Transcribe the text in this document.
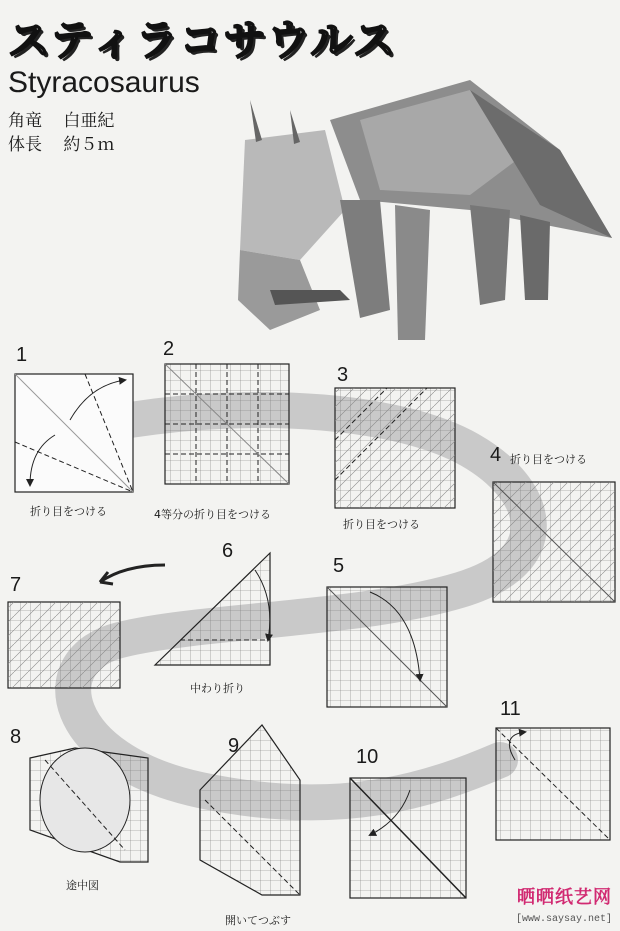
スティラコサウルス
Styracosaurus
角竜 白亜紀
体長 約５ｍ
1
折り目をつける
2
4等分の折り目をつける
3
折り目をつける
4 折り目をつける
5
6
中わり折り
7
8
途中図
9
開いてつぶす
10
11
晒晒纸艺网
[www.saysay.net]
